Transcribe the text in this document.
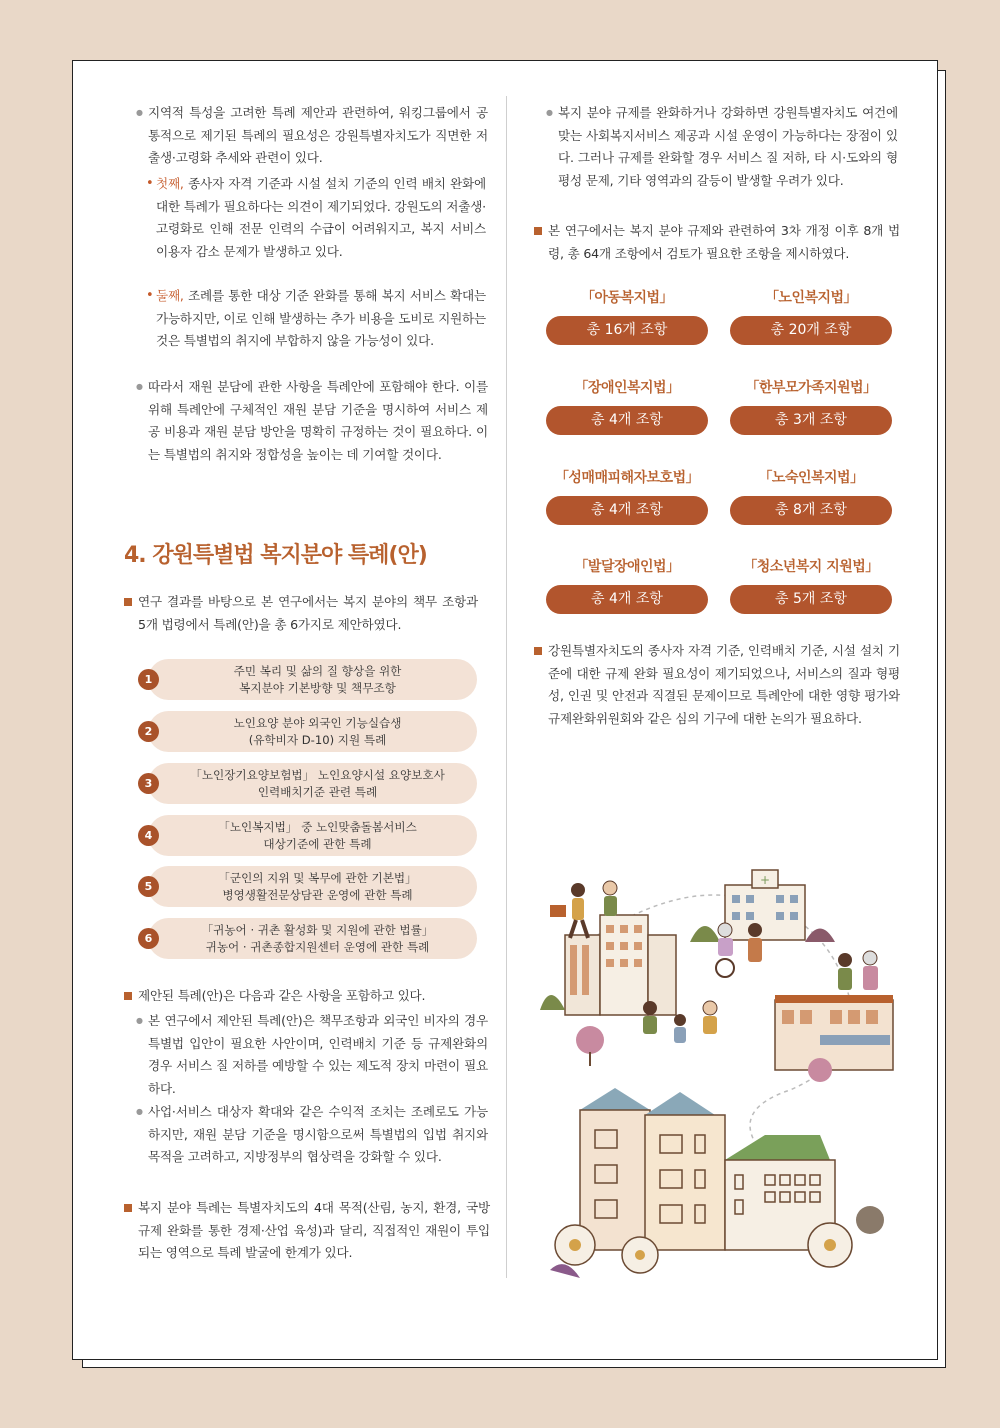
● 지역적 특성을 고려한 특례 제안과 관련하여, 워킹그룹에서 공통적으로 제기된 특례의 필요성은 강원특별자치도가 직면한 저출생·고령화 추세와 관련이 있다.

• 첫째, 종사자 자격 기준과 시설 설치 기준의 인력 배치 완화에 대한 특례가 필요하다는 의견이 제기되었다. 강원도의 저출생·고령화로 인해 전문 인력의 수급이 어려워지고, 복지 서비스 이용자 감소 문제가 발생하고 있다.

• 둘째, 조례를 통한 대상 기준 완화를 통해 복지 서비스 확대는 가능하지만, 이로 인해 발생하는 추가 비용을 도비로 지원하는 것은 특별법의 취지에 부합하지 않을 가능성이 있다.

● 따라서 재원 분담에 관한 사항을 특례안에 포함해야 한다. 이를 위해 특례안에 구체적인 재원 분담 기준을 명시하여 서비스 제공 비용과 재원 분담 방안을 명확히 규정하는 것이 필요하다. 이는 특별법의 취지와 정합성을 높이는 데 기여할 것이다.

4. 강원특별법 복지분야 특례(안)

연구 결과를 바탕으로 본 연구에서는 복지 분야의 책무 조항과 5개 법령에서 특례(안)을 총 6가지로 제안하였다.

1
주민 복리 및 삶의 질 향상을 위한
복지분야 기본방향 및 책무조항
2
노인요양 분야 외국인 기능실습생
(유학비자 D-10) 지원 특례
3
「노인장기요양보험법」 노인요양시설 요양보호사
인력배치기준 관련 특례
4
「노인복지법」 중 노인맞춤돌봄서비스
대상기준에 관한 특례
5
「군인의 지위 및 복무에 관한 기본법」
병영생활전문상담관 운영에 관한 특례
6
「귀농어 · 귀촌 활성화 및 지원에 관한 법률」
귀농어 · 귀촌종합지원센터 운영에 관한 특례

제안된 특례(안)은 다음과 같은 사항을 포함하고 있다.

● 본 연구에서 제안된 특례(안)은 책무조항과 외국인 비자의 경우 특별법 입안이 필요한 사안이며, 인력배치 기준 등 규제완화의 경우 서비스 질 저하를 예방할 수 있는 제도적 장치 마련이 필요하다.

● 사업·서비스 대상자 확대와 같은 수익적 조치는 조례로도 가능하지만, 재원 분담 기준을 명시함으로써 특별법의 입법 취지와 목적을 고려하고, 지방정부의 협상력을 강화할 수 있다.

복지 분야 특례는 특별자치도의 4대 목적(산림, 농지, 환경, 국방 규제 완화를 통한 경제·산업 육성)과 달리, 직접적인 재원이 투입되는 영역으로 특례 발굴에 한계가 있다.

● 복지 분야 규제를 완화하거나 강화하면 강원특별자치도 여건에 맞는 사회복지서비스 제공과 시설 운영이 가능하다는 장점이 있다. 그러나 규제를 완화할 경우 서비스 질 저하, 타 시·도와의 형평성 문제, 기타 영역과의 갈등이 발생할 우려가 있다.

본 연구에서는 복지 분야 규제와 관련하여 3차 개정 이후 8개 법령, 총 64개 조항에서 검토가 필요한 조항을 제시하였다.

「아동복지법」
총 16개 조항
「노인복지법」
총 20개 조항
「장애인복지법」
총 4개 조항
「한부모가족지원법」
총 3개 조항
「성매매피해자보호법」
총 4개 조항
「노숙인복지법」
총 8개 조항
「발달장애인법」
총 4개 조항
「청소년복지 지원법」
총 5개 조항

강원특별자치도의 종사자 자격 기준, 인력배치 기준, 시설 설치 기준에 대한 규제 완화 필요성이 제기되었으나, 서비스의 질과 형평성, 인권 및 안전과 직결된 문제이므로 특례안에 대한 영향 평가와 규제완화위원회와 같은 심의 기구에 대한 논의가 필요하다.

+
